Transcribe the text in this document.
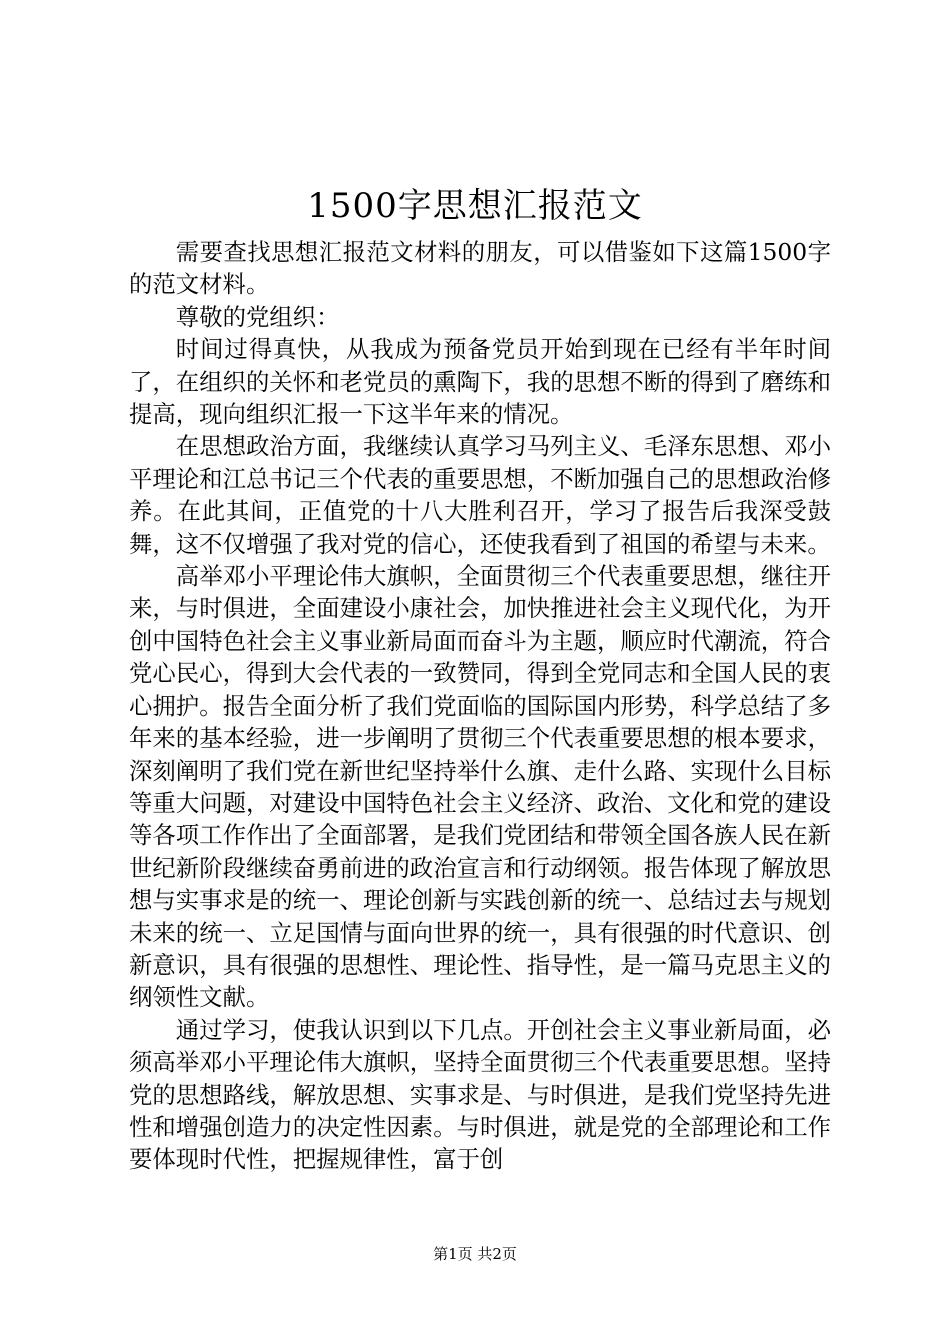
1500字思想汇报范文

需要查找思想汇报范文材料的朋友，可以借鉴如下这篇1500字的范文材料。

尊敬的党组织：

时间过得真快，从我成为预备党员开始到现在已经有半年时间了，在组织的关怀和老党员的熏陶下，我的思想不断的得到了磨练和提高，现向组织汇报一下这半年来的情况。

在思想政治方面，我继续认真学习马列主义、毛泽东思想、邓小平理论和江总书记三个代表的重要思想，不断加强自己的思想政治修养。在此其间，正值党的十八大胜利召开，学习了报告后我深受鼓舞，这不仅增强了我对党的信心，还使我看到了祖国的希望与未来。

高举邓小平理论伟大旗帜，全面贯彻三个代表重要思想，继往开来，与时俱进，全面建设小康社会，加快推进社会主义现代化，为开创中国特色社会主义事业新局面而奋斗为主题，顺应时代潮流，符合党心民心，得到大会代表的一致赞同，得到全党同志和全国人民的衷心拥护。报告全面分析了我们党面临的国际国内形势，科学总结了多年来的基本经验，进一步阐明了贯彻三个代表重要思想的根本要求，深刻阐明了我们党在新世纪坚持举什么旗、走什么路、实现什么目标等重大问题，对建设中国特色社会主义经济、政治、文化和党的建设等各项工作作出了全面部署，是我们党团结和带领全国各族人民在新世纪新阶段继续奋勇前进的政治宣言和行动纲领。报告体现了解放思想与实事求是的统一、理论创新与实践创新的统一、总结过去与规划未来的统一、立足国情与面向世界的统一，具有很强的时代意识、创新意识，具有很强的思想性、理论性、指导性，是一篇马克思主义的纲领性文献。

通过学习，使我认识到以下几点。开创社会主义事业新局面，必须高举邓小平理论伟大旗帜，坚持全面贯彻三个代表重要思想。坚持党的思想路线，解放思想、实事求是、与时俱进，是我们党坚持先进性和增强创造力的决定性因素。与时俱进，就是党的全部理论和工作要体现时代性，把握规律性，富于创

第1页 共2页
